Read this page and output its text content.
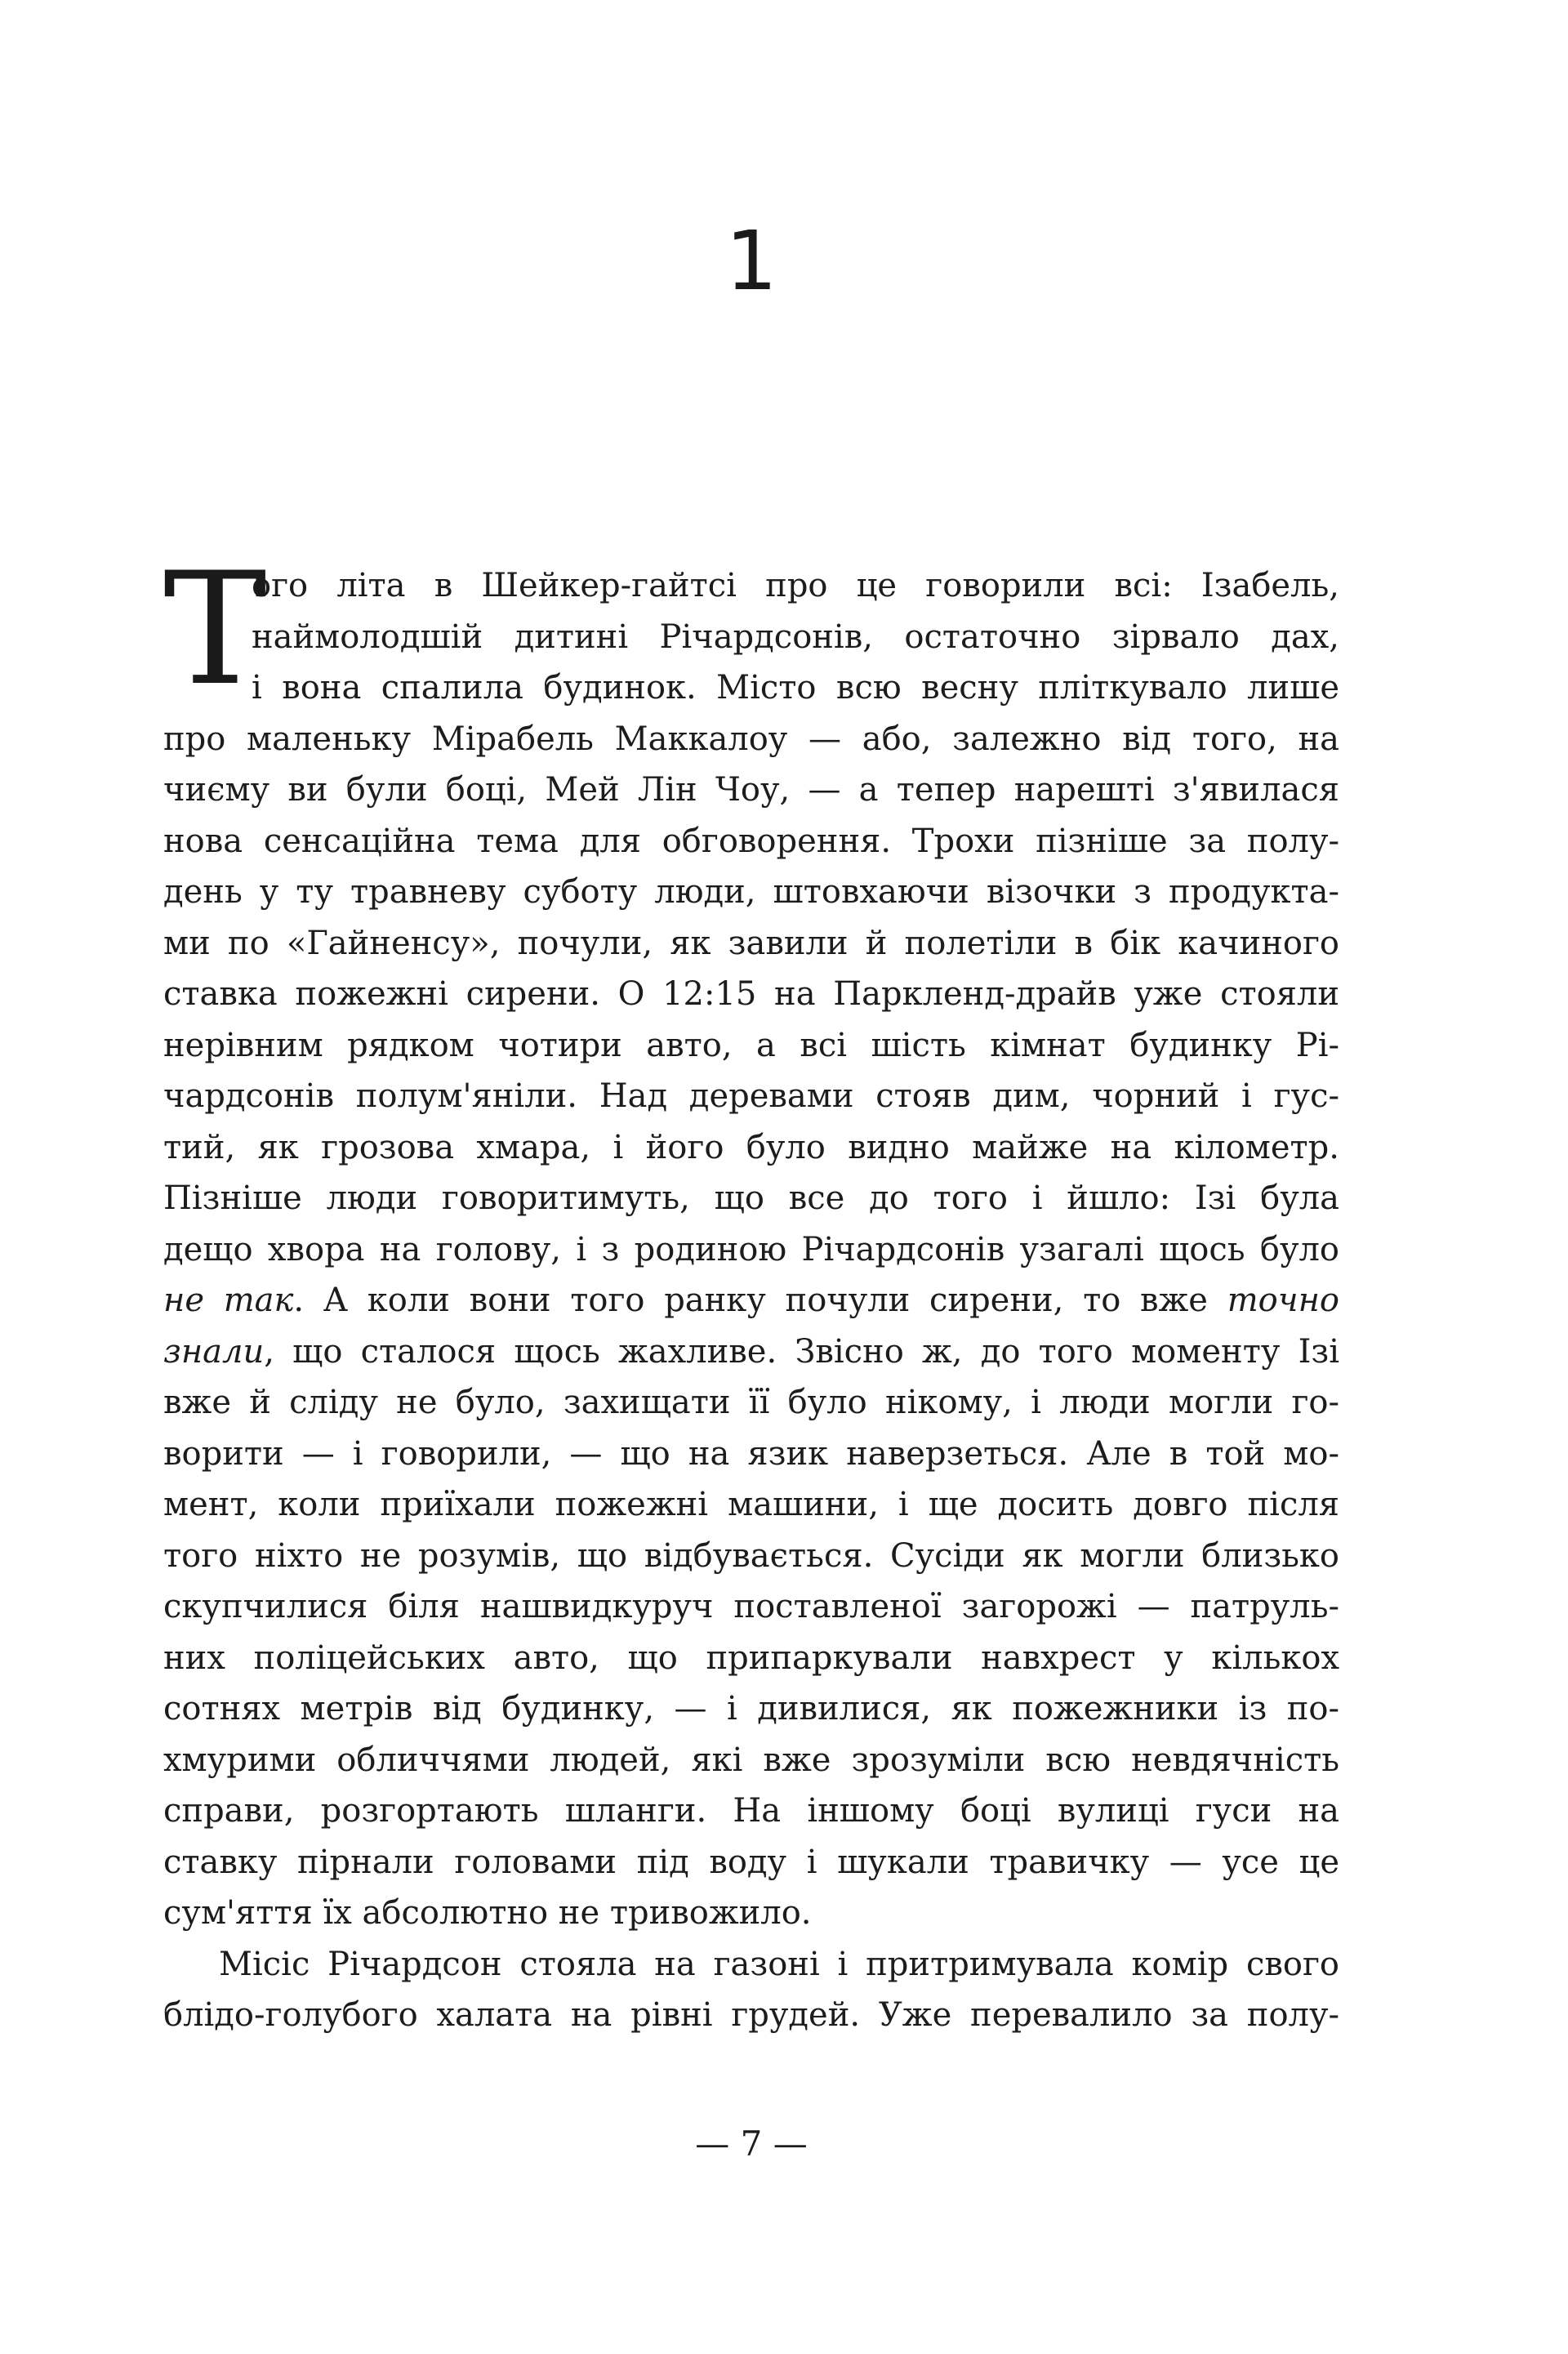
1
Т
ого літа в Шейкер-гайтсі про це говорили всі: Ізабель,
наймолодшій дитині Річардсонів, остаточно зірвало дах,
і вона спалила будинок. Місто всю весну пліткувало лише
про маленьку Мірабель Маккалоу — або, залежно від того, на
чиєму ви були боці, Мей Лін Чоу, — а тепер нарешті з'явилася
нова сенсаційна тема для обговорення. Трохи пізніше за полу-
день у ту травневу суботу люди, штовхаючи візочки з продукта-
ми по «Гайненсу», почули, як завили й полетіли в бік качиного
ставка пожежні сирени. О 12:15 на Паркленд-драйв уже стояли
нерівним рядком чотири авто, а всі шість кімнат будинку Рі-
чардсонів полум'яніли. Над деревами стояв дим, чорний і гус-
тий, як грозова хмара, і його було видно майже на кілометр.
Пізніше люди говоритимуть, що все до того і йшло: Ізі була
дещо хвора на голову, і з родиною Річардсонів узагалі щось було
не так. А коли вони того ранку почули сирени, то вже точно
знали, що сталося щось жахливе. Звісно ж, до того моменту Ізі
вже й сліду не було, захищати її було нікому, і люди могли го-
ворити — і говорили, — що на язик наверзеться. Але в той мо-
мент, коли приїхали пожежні машини, і ще досить довго після
того ніхто не розумів, що відбувається. Сусіди як могли близько
скупчилися біля нашвидкуруч поставленої загорожі — патруль-
них поліцейських авто, що припаркували навхрест у кількох
сотнях метрів від будинку, — і дивилися, як пожежники із по-
хмурими обличчями людей, які вже зрозуміли всю невдячність
справи, розгортають шланги. На іншому боці вулиці гуси на
ставку пірнали головами під воду і шукали травичку — усе це
сум'яття їх абсолютно не тривожило.
Місіс Річардсон стояла на газоні і притримувала комір свого
блідо-голубого халата на рівні грудей. Уже перевалило за полу-
— 7 —
